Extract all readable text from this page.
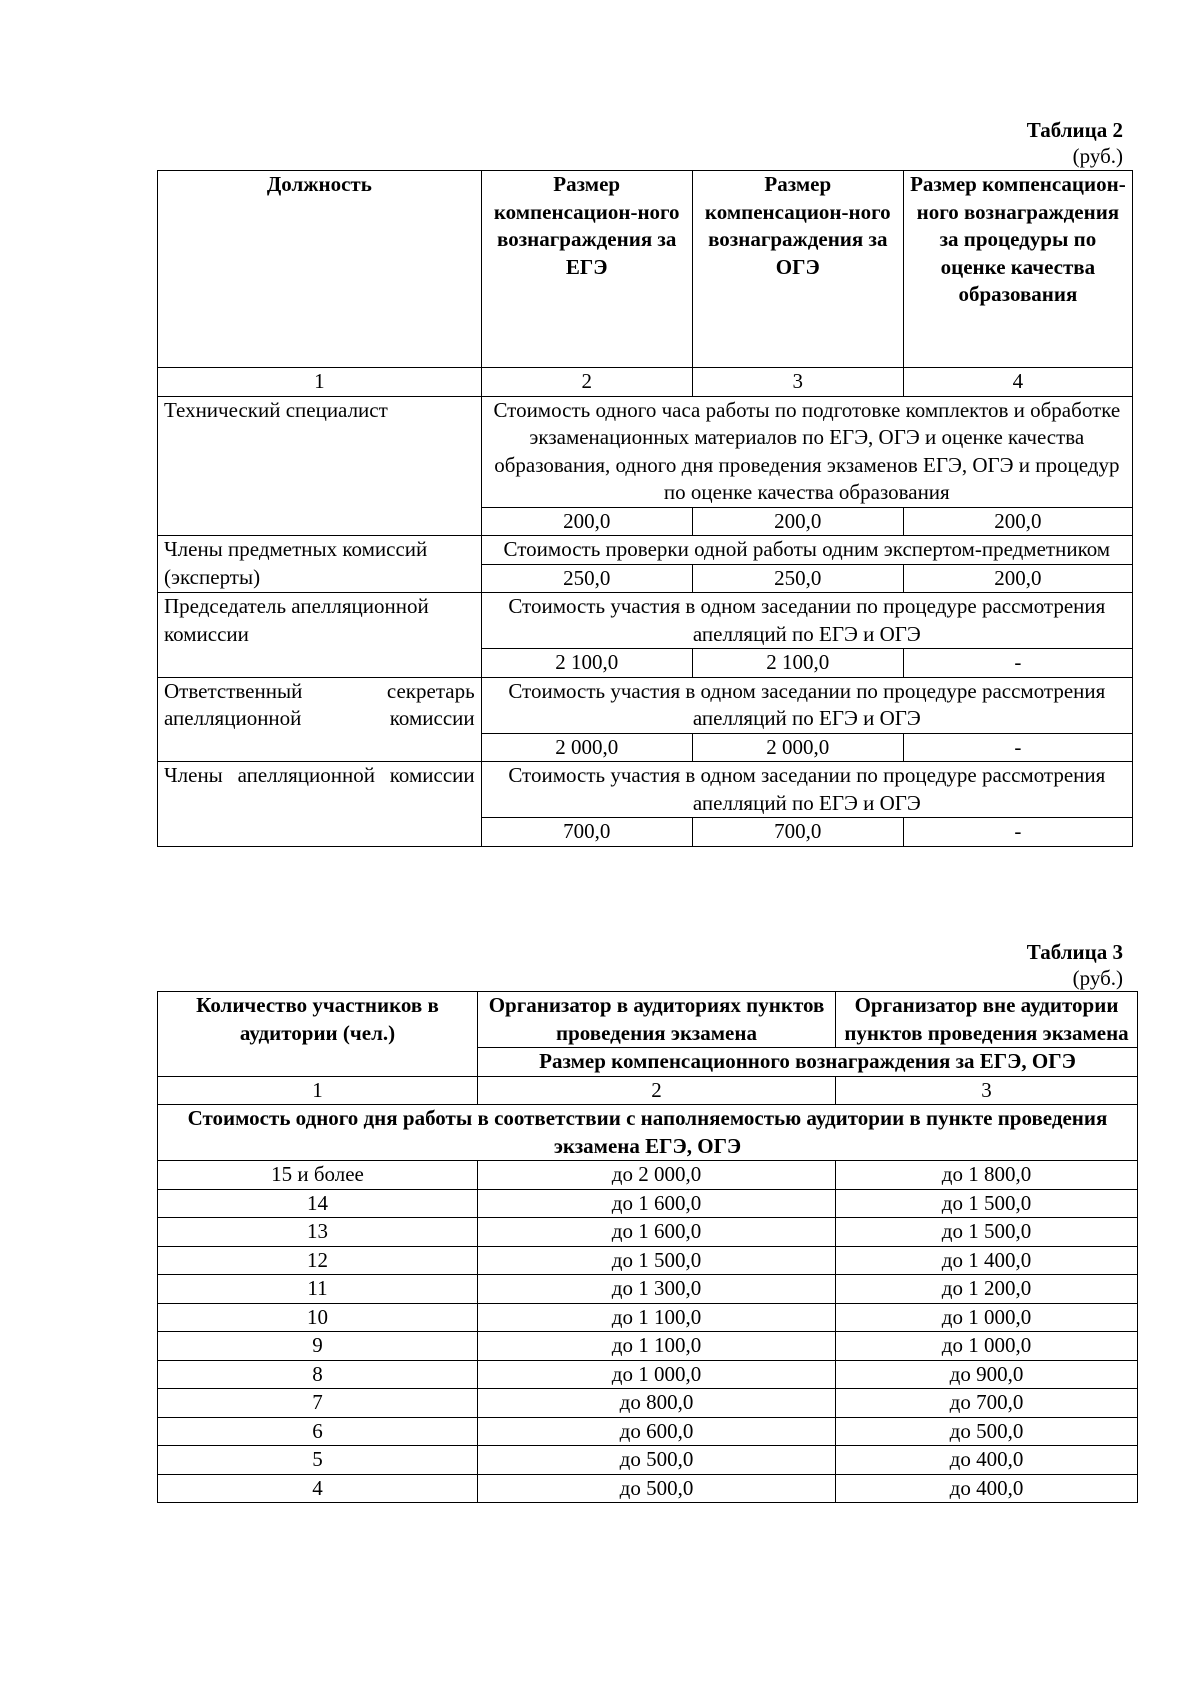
Таблица 2
(руб.)
Должность	Размер компенсацион-ного вознаграждения за ЕГЭ	Размер компенсацион-ного вознаграждения за ОГЭ	Размер компенсацион-ного вознаграждения за процедуры по оценке качества образования
1	2	3	4
Технический специалист	Стоимость одного часа работы по подготовке комплектов и обработке экзаменационных материалов по ЕГЭ, ОГЭ и оценке качества образования, одного дня проведения экзаменов ЕГЭ, ОГЭ и процедур по оценке качества образования		
	200,0	200,0	200,0
Члены предметных комиссий (эксперты)	Стоимость проверки одной работы одним экспертом-предметником		
	250,0	250,0	200,0
Председатель апелляционной комиссии	Стоимость участия в одном заседании по процедуре рассмотрения апелляций по ЕГЭ и ОГЭ		
	2 100,0	2 100,0	-
Ответственный секретарь апелляционной комиссии	Стоимость участия в одном заседании по процедуре рассмотрения апелляций по ЕГЭ и ОГЭ		
	2 000,0	2 000,0	-
Члены апелляционной комиссии	Стоимость участия в одном заседании по процедуре рассмотрения апелляций по ЕГЭ и ОГЭ		
	700,0	700,0	-
Таблица 3
(руб.)
Количество участников в аудитории (чел.)	Организатор в аудиториях пунктов проведения экзамена	Организатор вне аудитории пунктов проведения экзамена
	Размер компенсационного вознаграждения за ЕГЭ, ОГЭ	
1	2	3
Стоимость одного дня работы в соответствии с наполняемостью аудитории в пункте проведения экзамена ЕГЭ, ОГЭ		
15 и более	до 2 000,0	до 1 800,0
14	до 1 600,0	до 1 500,0
13	до 1 600,0	до 1 500,0
12	до 1 500,0	до 1 400,0
11	до 1 300,0	до 1 200,0
10	до 1 100,0	до 1 000,0
9	до 1 100,0	до 1 000,0
8	до 1 000,0	до 900,0
7	до 800,0	до 700,0
6	до 600,0	до 500,0
5	до 500,0	до 400,0
4	до 500,0	до 400,0
